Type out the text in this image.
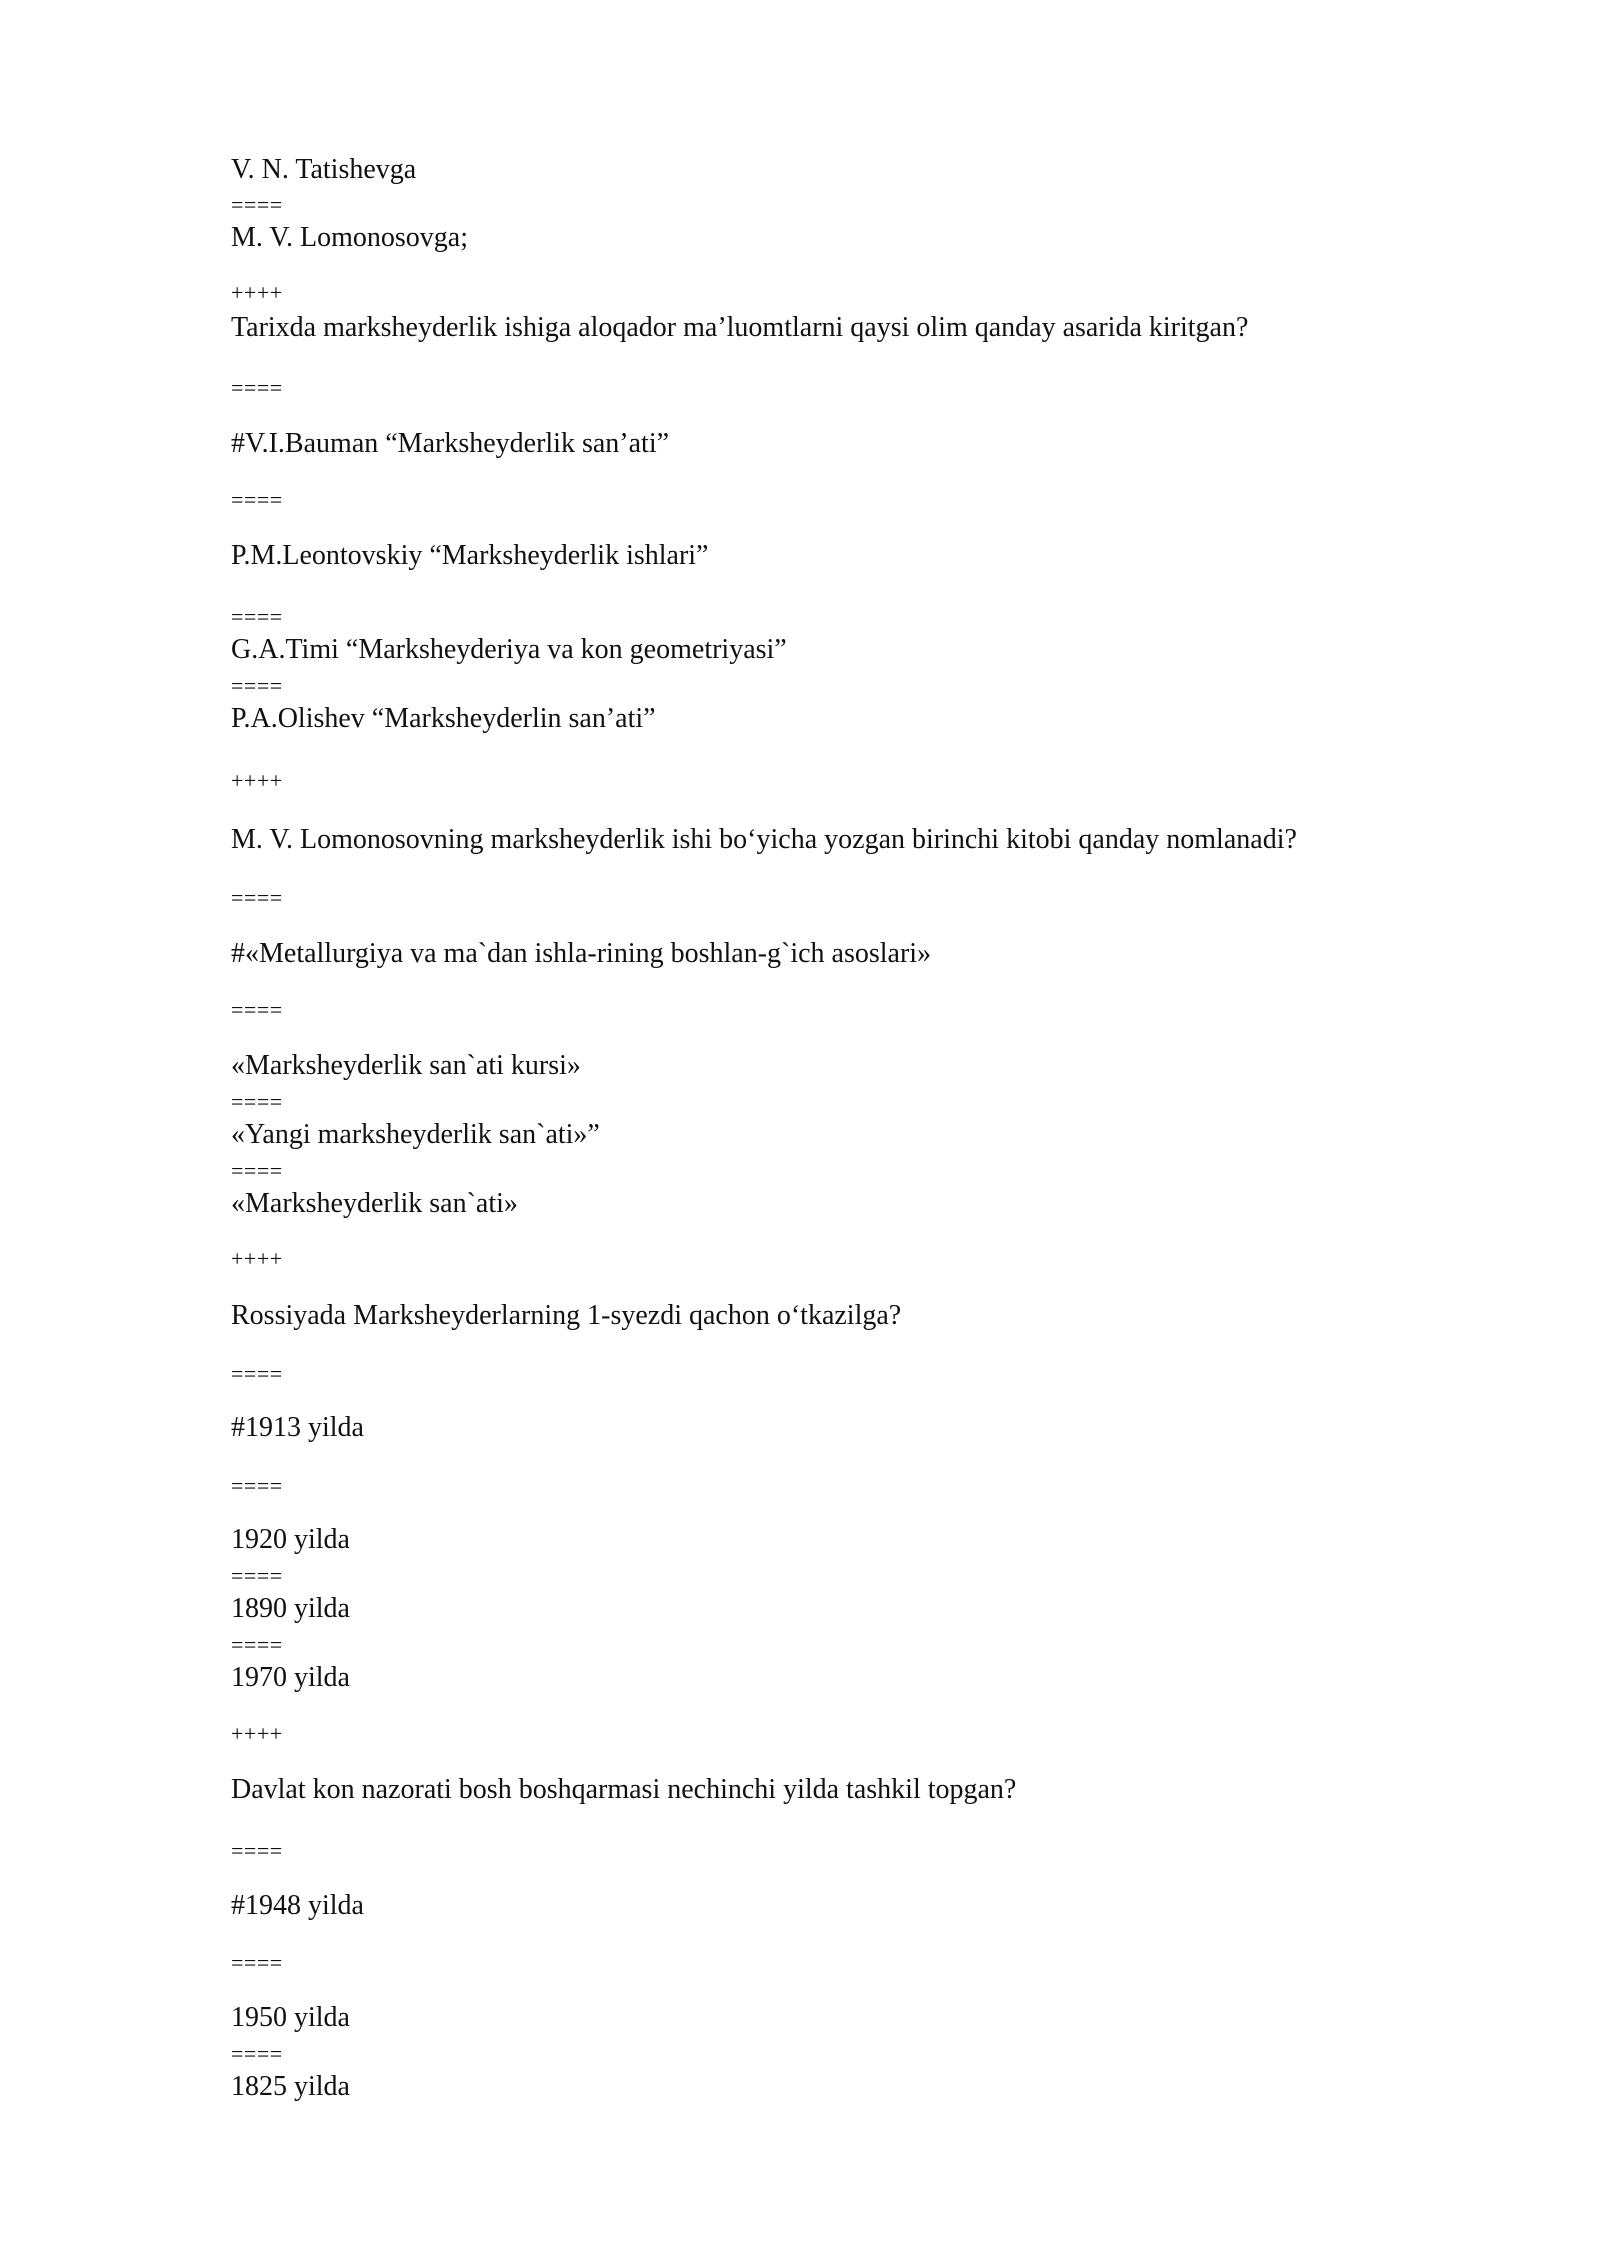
V. N. Tatishevga
====
M. V. Lomonosovga;
++++
Tarixda marksheyderlik ishiga aloqador ma’luomtlarni qaysi olim qanday asarida kiritgan?
====
#V.I.Bauman “Marksheyderlik san’ati”
====
P.M.Leontovskiy “Marksheyderlik ishlari”
====
G.A.Timi “Marksheyderiya va kon geometriyasi”
====
P.A.Olishev “Marksheyderlin san’ati”
++++
M. V. Lomonosovning marksheyderlik ishi bo‘yicha yozgan birinchi kitobi qanday nomlanadi?
====
#«Metallurgiya va ma`dan ishla-rining boshlan-g`ich asoslari»
====
«Marksheyderlik san`ati kursi»
====
«Yangi marksheyderlik san`ati»”
====
«Marksheyderlik san`ati»
++++
Rossiyada Marksheyderlarning 1-syezdi qachon o‘tkazilga?
====
#1913 yilda
====
1920 yilda
====
1890 yilda
====
1970 yilda
++++
Davlat kon nazorati bosh boshqarmasi nechinchi yilda tashkil topgan?
====
#1948 yilda
====
1950 yilda
====
1825 yilda
